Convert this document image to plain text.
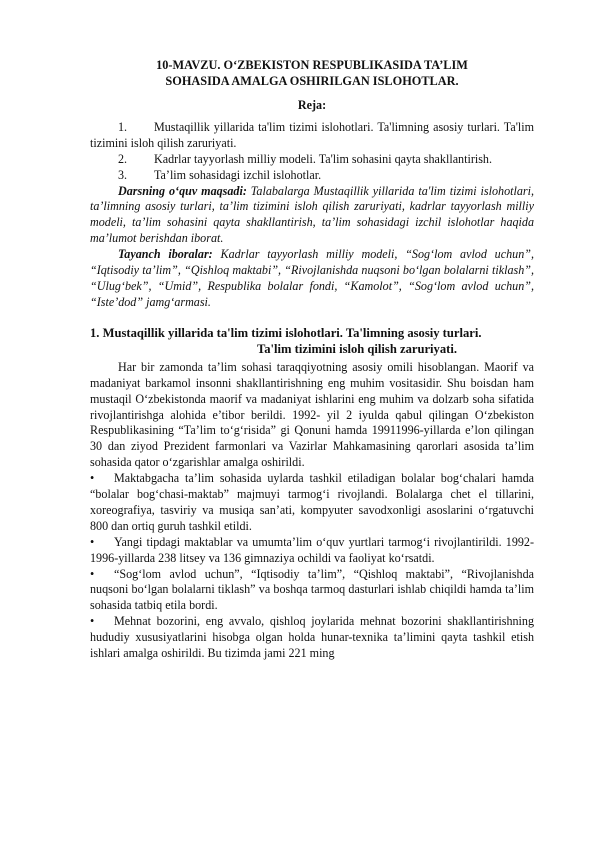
10-MAVZU. O‘ZBEKISTON RESPUBLIKASIDA TA’LIM
SOHASIDA AMALGA OSHIRILGAN ISLOHOTLAR.

Reja:

1. Mustaqillik yillarida ta'lim tizimi islohotlari. Ta'limning asosiy turlari. Ta'lim tizimini isloh qilish zaruriyati.

2. Kadrlar tayyorlash milliy modeli. Ta'lim sohasini qayta shakllantirish.

3. Ta’lim sohasidagi izchil islohotlar.

Darsning o‘quv maqsadi: Talabalarga Mustaqillik yillarida ta'lim tizimi islohotlari, ta’limning asosiy turlari, ta’lim tizimini isloh qilish zaruriyati, kadrlar tayyorlash milliy modeli, ta’lim sohasini qayta shakllantirish, ta’lim sohasidagi izchil islohotlar haqida ma’lumot berishdan iborat.

Tayanch iboralar: Kadrlar tayyorlash milliy modeli, “Sog‘lom avlod uchun”, “Iqtisodiy ta’lim”, “Qishloq maktabi”, “Rivojlanishda nuqsoni bo‘lgan bolalarni tiklash”, “Ulug‘bek”, “Umid”, Respublika bolalar fondi, “Kamolot”, “Sog‘lom avlod uchun”, “Iste’dod” jamg‘armasi.

1. Mustaqillik yillarida ta'lim tizimi islohotlari. Ta'limning asosiy turlari.
Ta'lim tizimini isloh qilish zaruriyati.

Har bir zamonda ta’lim sohasi taraqqiyotning asosiy omili hisoblangan. Maorif va madaniyat barkamol insonni shakllantirishning eng muhim vositasidir. Shu boisdan ham mustaqil O‘zbekistonda maorif va madaniyat ishlarini eng muhim va dolzarb soha sifatida rivojlantirishga alohida e’tibor berildi. 1992- yil 2 iyulda qabul qilingan O‘zbekiston Respublikasining “Ta’lim to‘g‘risida” gi Qonuni hamda 19911996-yillarda e’lon qilingan 30 dan ziyod Prezident farmonlari va Vazirlar Mahkamasining qarorlari asosida ta’lim sohasida qator o‘zgarishlar amalga oshirildi.

• Maktabgacha ta’lim sohasida uylarda tashkil etiladigan bolalar bog‘chalari hamda “bolalar bog‘chasi-maktab” majmuyi tarmog‘i rivojlandi. Bolalarga chet el tillarini, xoreografiya, tasviriy va musiqa san’ati, kompyuter savodxonligi asoslarini o‘rgatuvchi 800 dan ortiq guruh tashkil etildi.

• Yangi tipdagi maktablar va umumta’lim o‘quv yurtlari tarmog‘i rivojlantirildi. 1992-1996-yillarda 238 litsey va 136 gimnaziya ochildi va faoliyat ko‘rsatdi.

• “Sog‘lom avlod uchun”, “Iqtisodiy ta’lim”, “Qishloq maktabi”, “Rivojlanishda nuqsoni bo‘lgan bolalarni tiklash” va boshqa tarmoq dasturlari ishlab chiqildi hamda ta’lim sohasida tatbiq etila bordi.

• Mehnat bozorini, eng avvalo, qishloq joylarida mehnat bozorini shakllantirishning hududiy xususiyatlarini hisobga olgan holda hunar-texnika ta’limini qayta tashkil etish ishlari amalga oshirildi. Bu tizimda jami 221 ming
